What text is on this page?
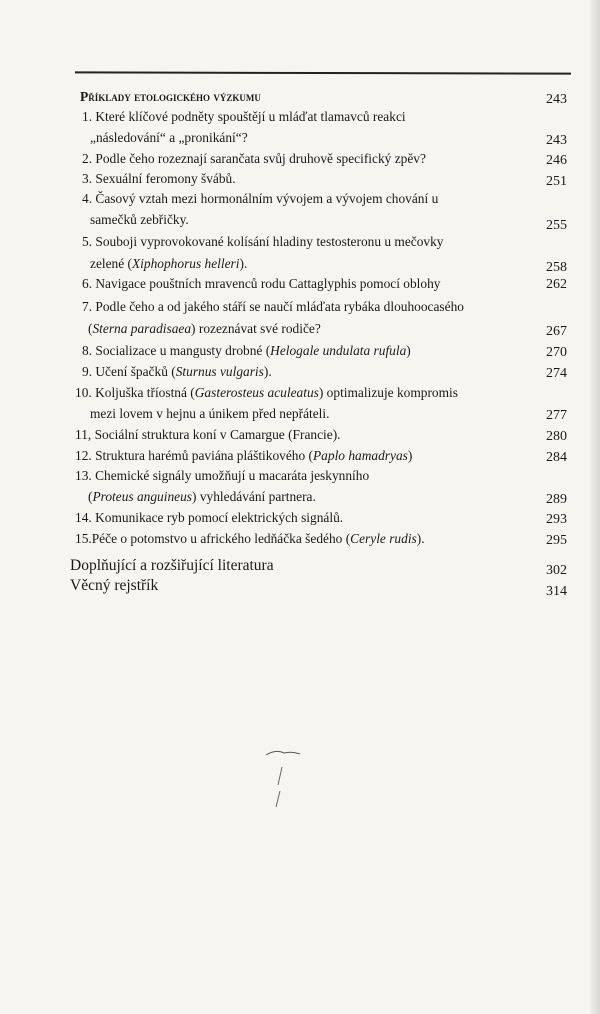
Příklady etologického výzkumu	243
1. Které klíčové podněty spouštějí u mláďat tlamavců reakci
„následování“ a „pronikání“?	243
2. Podle čeho rozeznají sarančata svůj druhově specifický zpěv?	246
3. Sexuální feromony švábů.	251
4. Časový vztah mezi hormonálním vývojem a vývojem chování u
samečků zebřičky.	255
5. Souboji vyprovokované kolísání hladiny testosteronu u mečovky
zelené (Xiphophorus helleri).	258
6. Navigace pouštních mravenců rodu Cattaglyphis pomocí oblohy	262
7. Podle čeho a od jakého stáří se naučí mláďata rybáka dlouhoocasého
(Sterna paradisaea) rozeznávat své rodiče?	267
8. Socializace u mangusty drobné (Helogale undulata rufula)	270
9. Učení špačků (Sturnus vulgaris).	274
10. Koljuška tříostná (Gasterosteus aculeatus) optimalizuje kompromis
mezi lovem v hejnu a únikem před nepřáteli.	277
11, Sociální struktura koní v Camargue (Francie).	280
12. Struktura harémů paviána pláštikového (Paplo hamadryas)	284
13. Chemické signály umožňují u macaráta jeskynního
(Proteus anguineus) vyhledávání partnera.	289
14. Komunikace ryb pomocí elektrických signálů.	293
15.Péče o potomstvo u afrického ledňáčka šedého (Ceryle rudis).	295
Doplňující a rozšiřující literatura	302
Věcný rejstřík	314
